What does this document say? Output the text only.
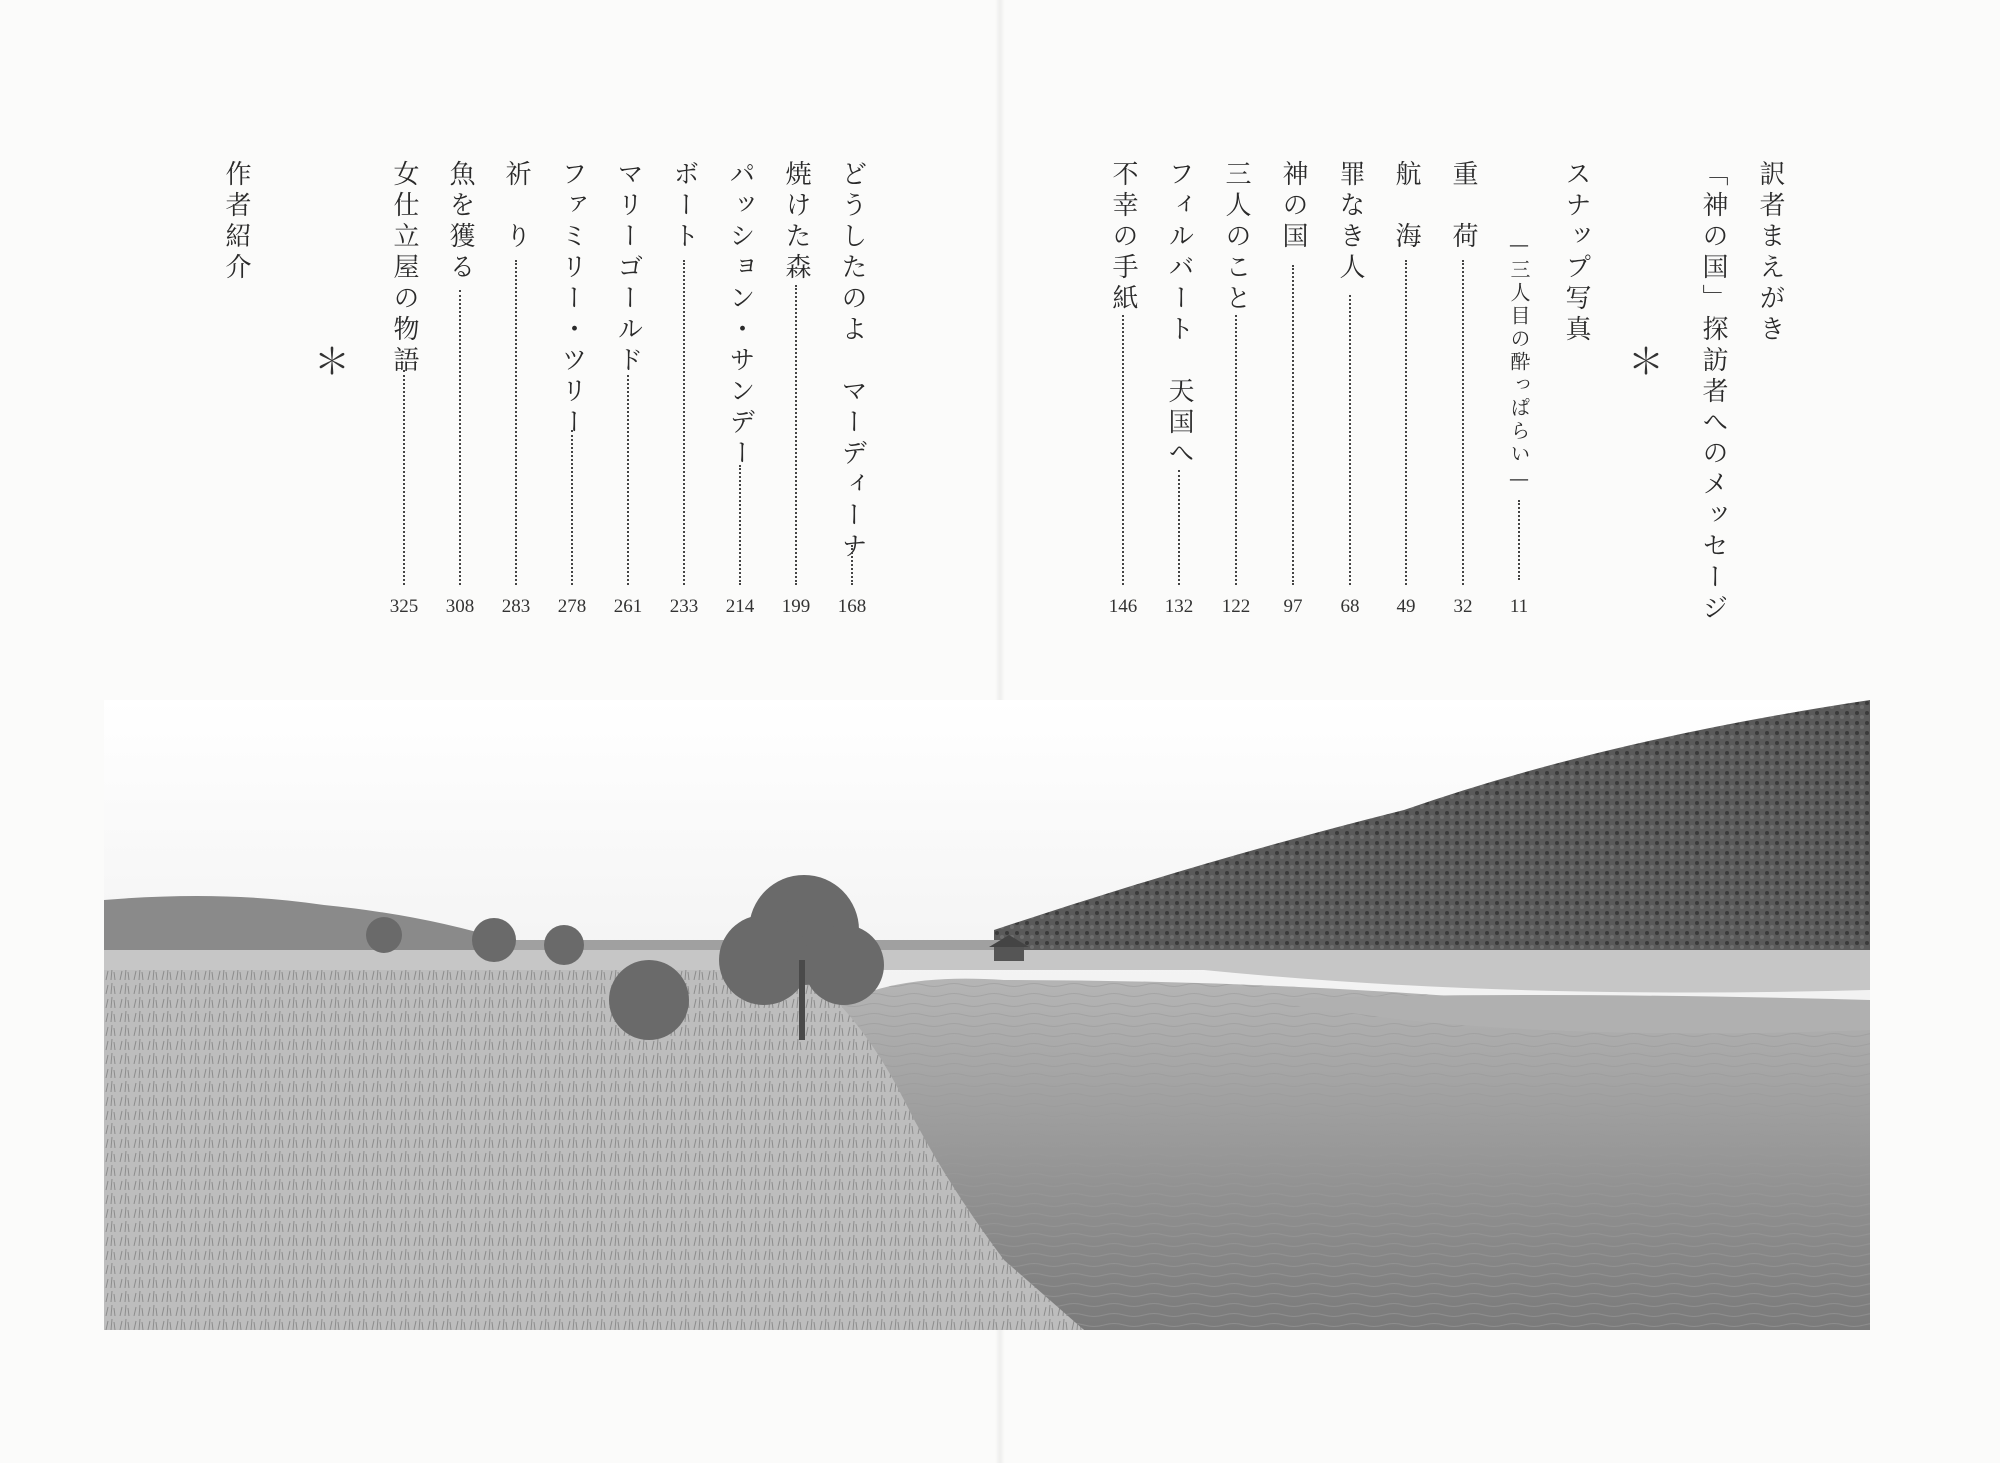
訳者まえがき
「神の国」探訪者へのメッセージ
＊
スナップ写真
—三人目の酔っぱらい—
11
重　荷
32
航　海
49
罪なき人
68
神の国
97
三人のこと
122
フィルバート　天国へ
132
不幸の手紙
146
どうしたのよ　マーディーナ
168
焼けた森
199
パッション・サンデー
214
ボート
233
マリーゴールド
261
ファミリー・ツリー
278
祈　り
283
魚を獲る
308
女仕立屋の物語
325
＊
作者紹介
